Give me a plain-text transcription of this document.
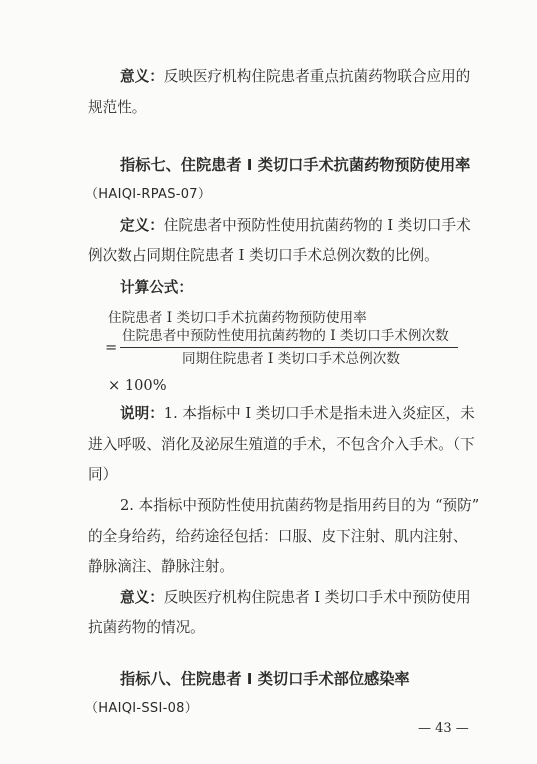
意义：反映医疗机构住院患者重点抗菌药物联合应用的
规范性。
指标七、住院患者 I 类切口手术抗菌药物预防使用率
（HAIQI-RPAS-07）
定义：住院患者中预防性使用抗菌药物的 I 类切口手术
例次数占同期住院患者 I 类切口手术总例次数的比例。
计算公式：
住院患者 I 类切口手术抗菌药物预防使用率
=
住院患者中预防性使用抗菌药物的 I 类切口手术例次数
同期住院患者 I 类切口手术总例次数
× 100%
说明：1. 本指标中 I 类切口手术是指未进入炎症区，未
进入呼吸、消化及泌尿生殖道的手术，不包含介入手术。（下
同）
2. 本指标中预防性使用抗菌药物是指用药目的为 “预防”
的全身给药，给药途径包括：口服、皮下注射、肌内注射、
静脉滴注、静脉注射。
意义：反映医疗机构住院患者 I 类切口手术中预防使用
抗菌药物的情况。
指标八、住院患者 I 类切口手术部位感染率
（HAIQI-SSI-08）
— 43 —
